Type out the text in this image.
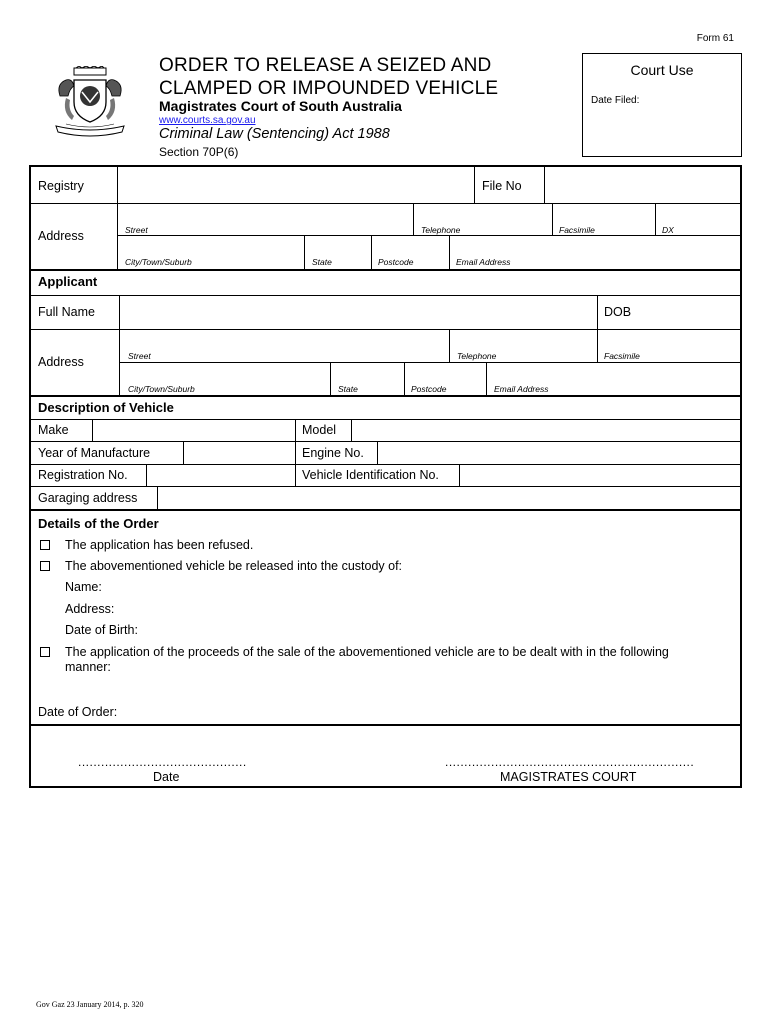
Form 61
ORDER TO RELEASE A SEIZED AND
CLAMPED OR IMPOUNDED VEHICLE
Magistrates Court of South Australia
www.courts.sa.gov.au
Criminal Law (Sentencing) Act 1988
Section 70P(6)
Court Use
Date Filed:
Registry	File No
Address	Street	Telephone	Facsimile	DX
City/Town/Suburb	State	Postcode	Email Address
Applicant
Full Name	DOB
Address	Street	Telephone	Facsimile
City/Town/Suburb	State	Postcode	Email Address
Description of Vehicle
Make	Model
Year of Manufacture	Engine No.
Registration No.	Vehicle Identification No.
Garaging address
Details of the Order
The application has been refused.
The abovementioned vehicle be released into the custody of:
Name:
Address:
Date of Birth:
The application of the proceeds of the sale of the abovementioned vehicle are to be dealt with in the following
manner:
Date of Order:
............................................
Date
.................................................................
MAGISTRATES COURT
Gov Gaz 23 January 2014, p. 320
